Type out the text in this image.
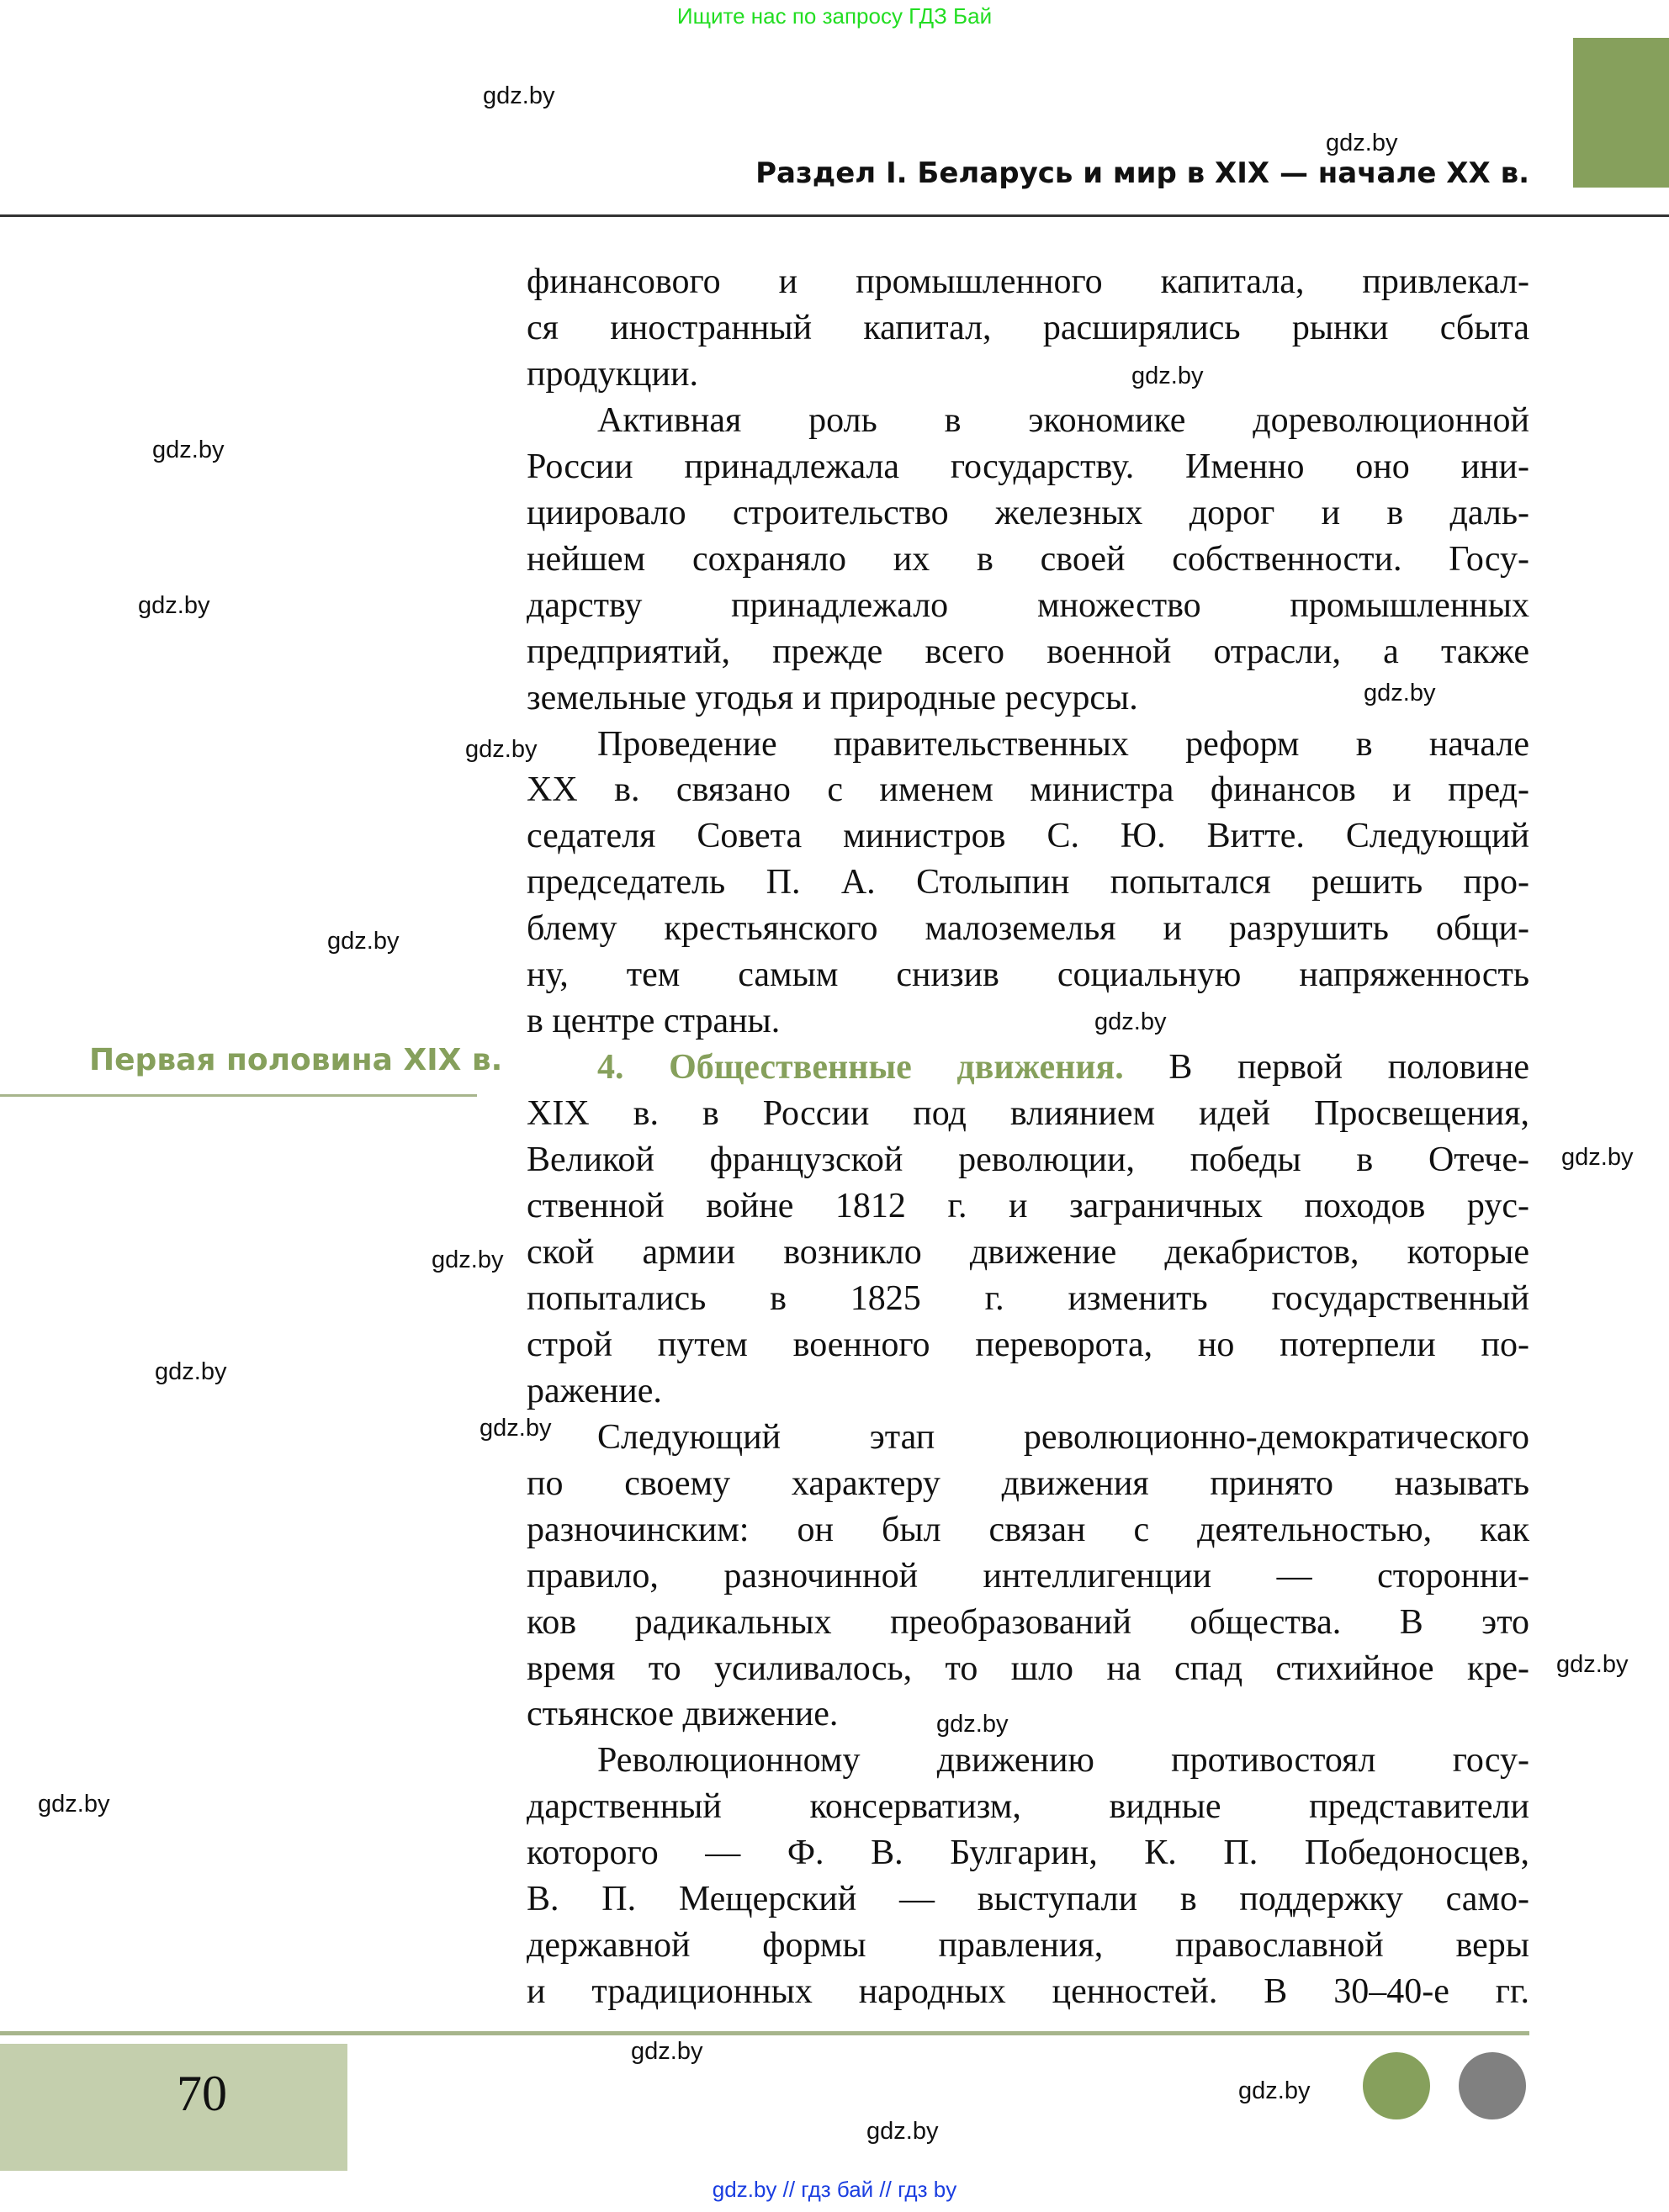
Ищите нас по запросу ГДЗ Бай
Раздел I. Беларусь и мир в XIX — начале XX в.
Первая половина XIX в.
финансового и промышленного капитала, привлекал-
ся иностранный капитал, расширялись рынки сбыта
продукции.
Активная роль в экономике дореволюционной
России принадлежала государству. Именно оно ини-
циировало строительство железных дорог и в даль-
нейшем сохраняло их в своей собственности. Госу-
дарству принадлежало множество промышленных
предприятий, прежде всего военной отрасли, а также
земельные угодья и природные ресурсы.
Проведение правительственных реформ в начале
XX в. связано с именем министра финансов и пред-
седателя Совета министров С. Ю. Витте. Следующий
председатель П. А. Столыпин попытался решить про-
блему крестьянского малоземелья и разрушить общи-
ну, тем самым снизив социальную напряженность
в центре страны.
4. Общественные движения. В первой половине
XIX в. в России под влиянием идей Просвещения,
Великой французской революции, победы в Отече-
ственной войне 1812 г. и заграничных походов рус-
ской армии возникло движение декабристов, которые
попытались в 1825 г. изменить государственный
строй путем военного переворота, но потерпели по-
ражение.
Следующий этап революционно-демократического
по своему характеру движения принято называть
разночинским: он был связан с деятельностью, как
правило, разночинной интеллигенции — сторонни-
ков радикальных преобразований общества. В это
время то усиливалось, то шло на спад стихийное кре-
стьянское движение.
Революционному движению противостоял госу-
дарственный консерватизм, видные представители
которого — Ф. В. Булгарин, К. П. Победоносцев,
В. П. Мещерский — выступали в поддержку само-
державной формы правления, православной веры
и традиционных народных ценностей. В 30–40-е гг.
70
gdz.by // гдз бай // гдз by
gdz.by
gdz.by
gdz.by
gdz.by
gdz.by
gdz.by
gdz.by
gdz.by
gdz.by
gdz.by
gdz.by
gdz.by
gdz.by
gdz.by
gdz.by
gdz.by
gdz.by
gdz.by
gdz.by
